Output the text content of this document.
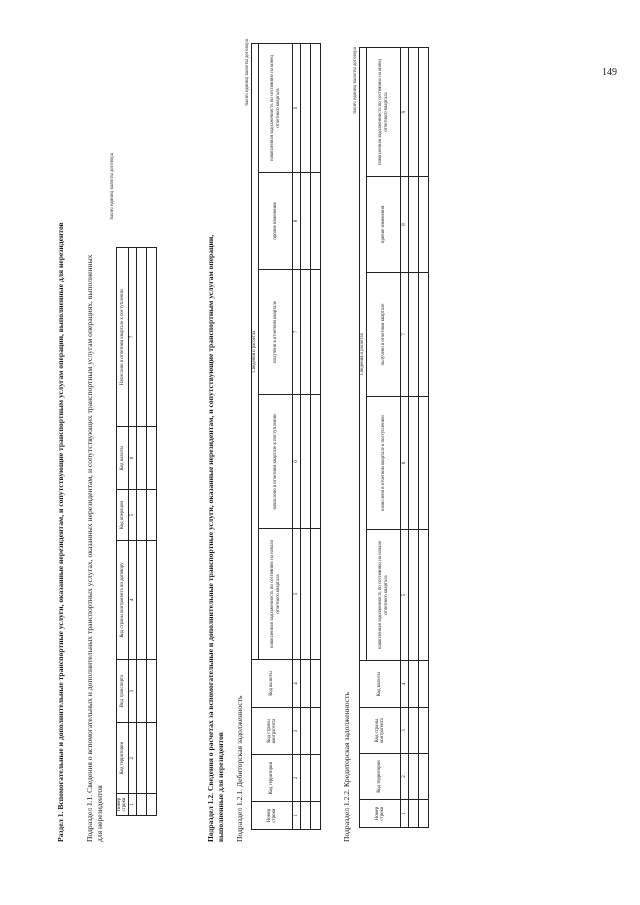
Раздел 1. Вспомогательные и дополнительные транспортные услуги, оказанные нерезидентам, и сопутствующие транспортным услугам операции, выполненные для нерезидентов	Подраздел 1.1. Сведения о вспомогательных и дополнительных транспортных услугах, оказанных нерезидентам, и сопутствующих транспортным услугам операциях, выполненных для нерезидентов
тысяч единиц валюты договора
Номер строки	Код территории	Вид транспорта	Код страны контрагента по договору	Код операции	Код валюты	Начислено в отчетном квартале к поступлению
1	2	3	4	5	6	7

							Подраздел 1.2. Сведения о расчетах за вспомогательные и дополнительные транспортные услуги, оказанные нерезидентам, и сопутствующие транспортным услугам операции, выполненные для нерезидентов Подраздел 1.2.1. Дебиторская задолженность
тысяч единиц валюты договора
Номер строки	Код территории	Код страны контрагента	Код валюты	Сведения о расчетах				
				накопленная задолженность по состоянию на начало отчетного квартала	начислено в отчетном квартале к поступлению	получено в отчетном квартале	прочие изменения	накопленная задолженность по состоянию на конец отчетного квартала
1	2	3	4	5	6	7	8	9

Подраздел 1.2.2. Кредиторская задолженность
тысяч единиц валюты договора
Номер строки	Код территории	Код страны контрагента	Код валюты	Сведения о расчетах				
				накопленная задолженность по состоянию на начало отчетного квартала	начислено в отчетном квартале к поступлению	получено в отчетном квартале	прочие изменения	накопленная задолженность по состоянию на конец отчетного квартала
1	2	3	4	5	6	7	8	9

149
